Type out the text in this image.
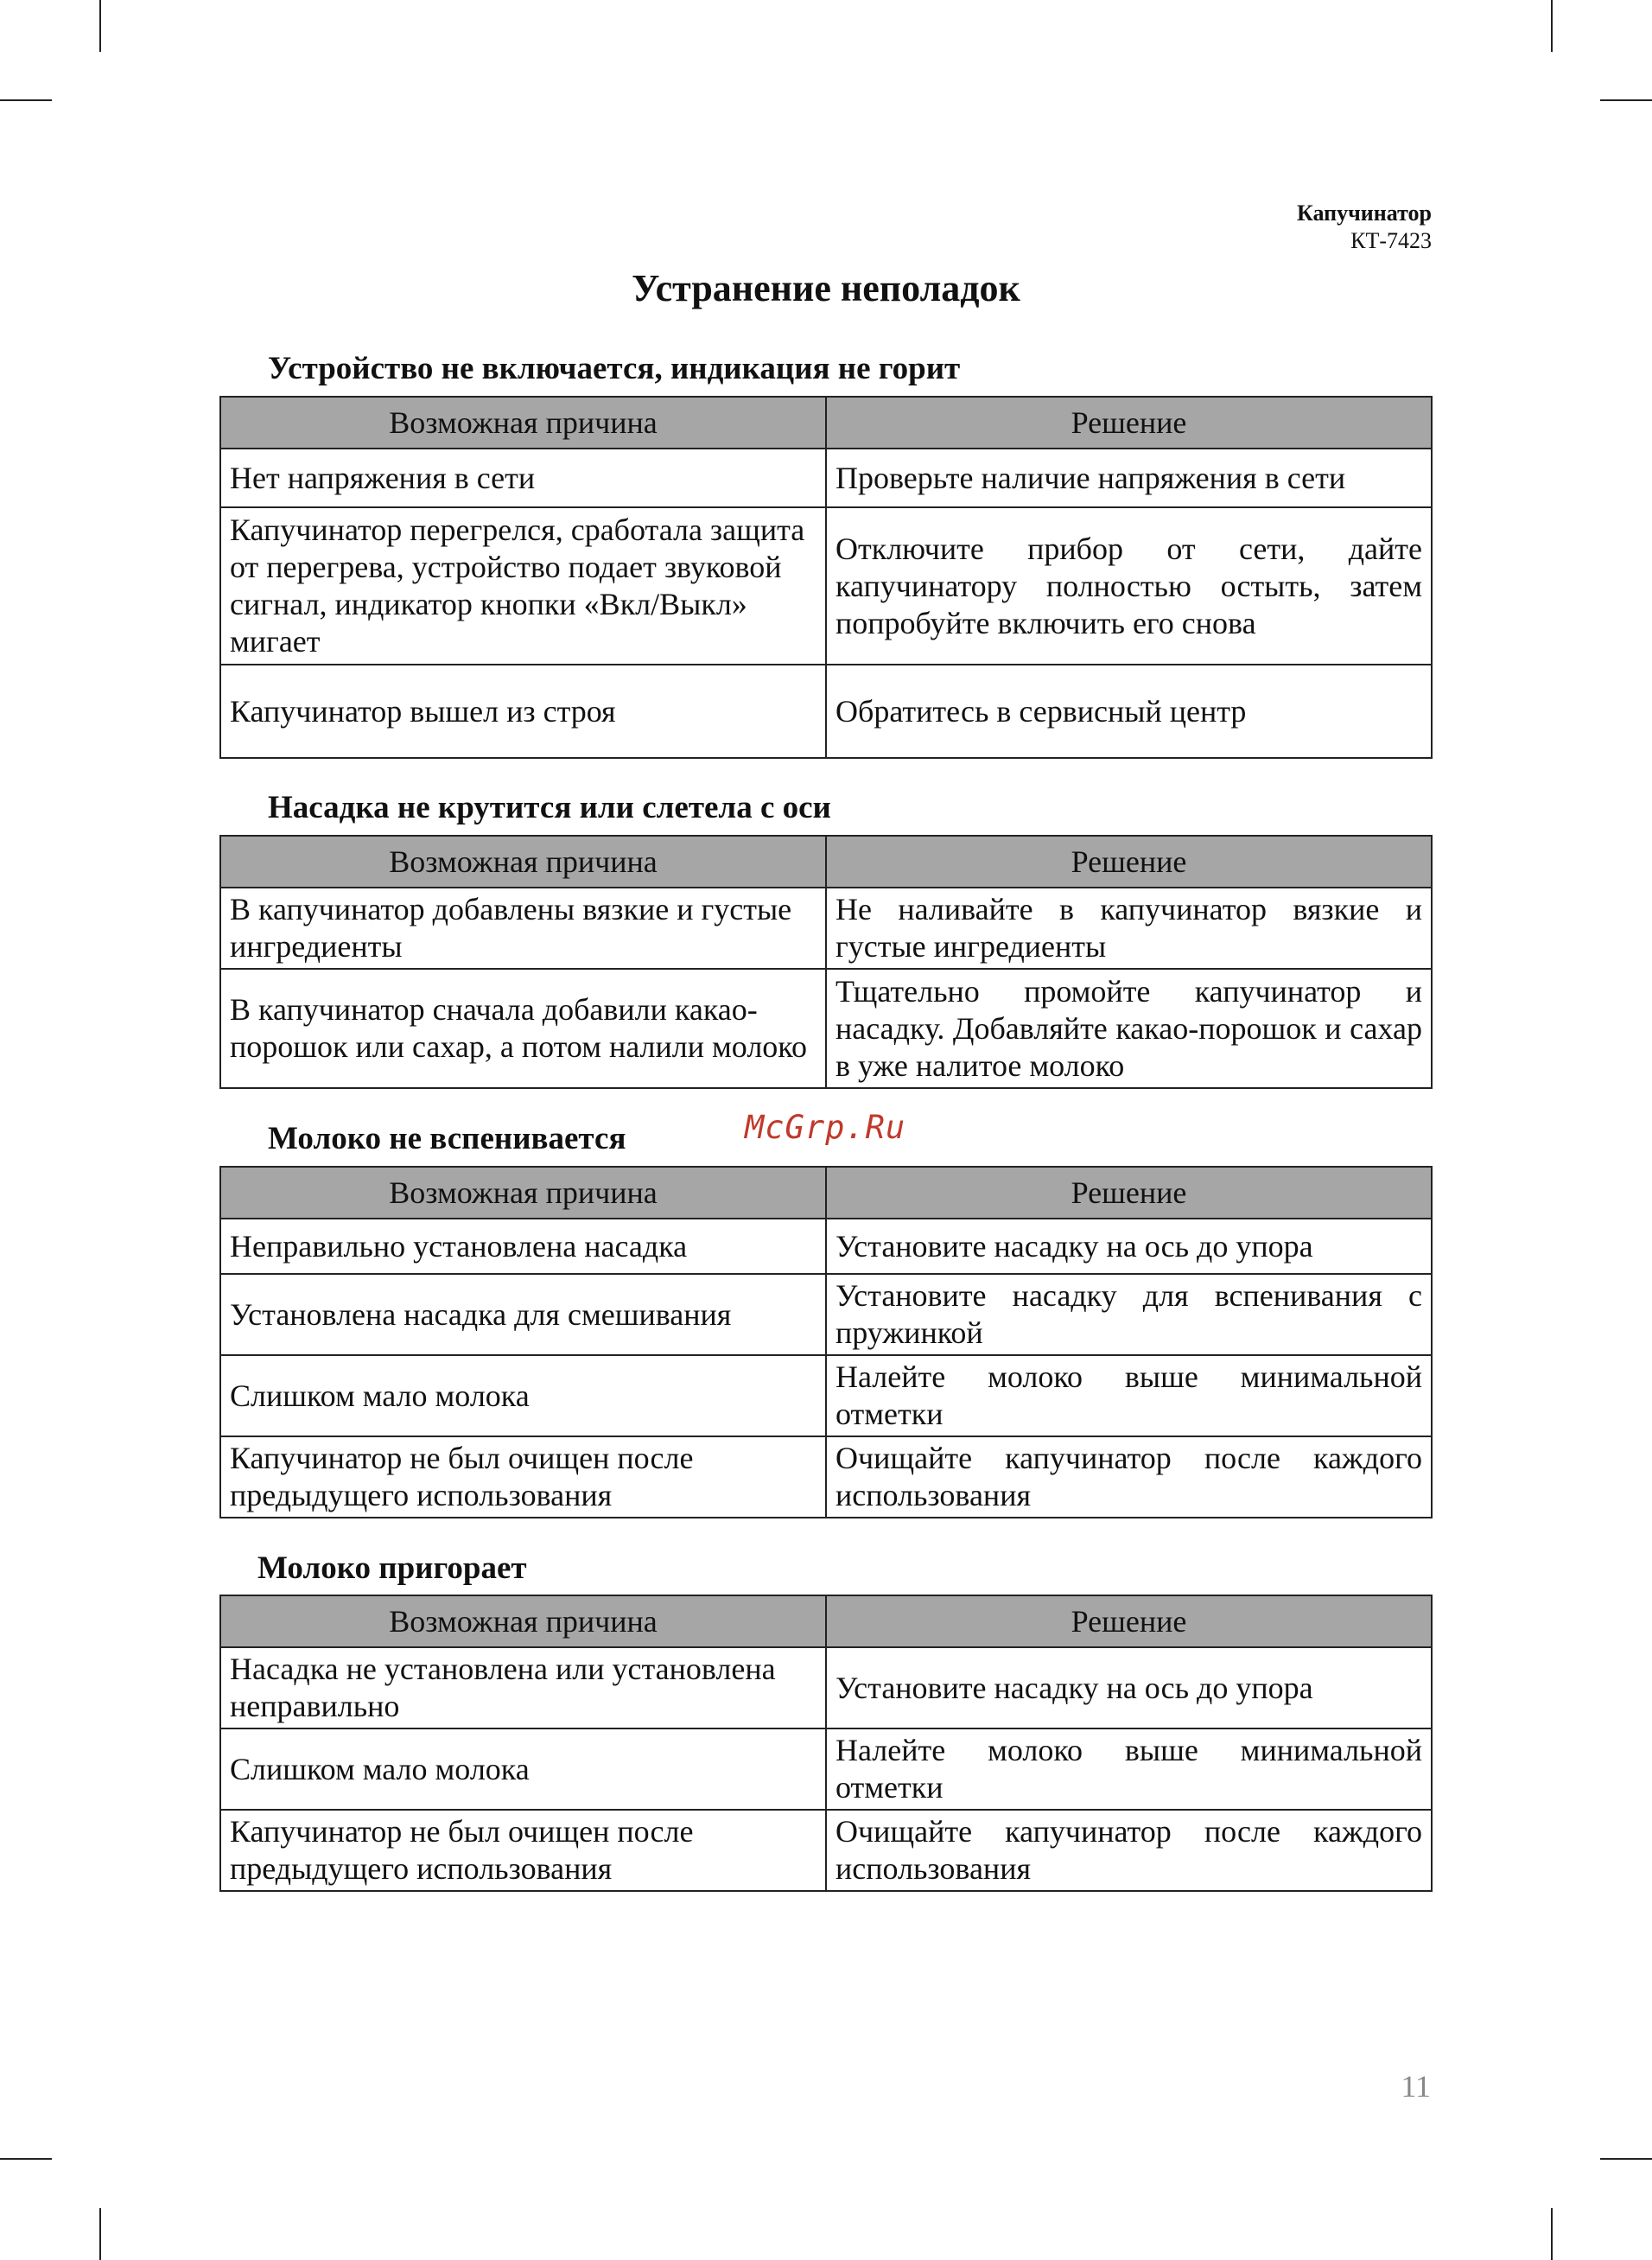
Капучинатор
КТ-7423
Устранение неполадок
Устройство не включается, индикация не горит
Возможная причина	Решение
Нет напряжения в сети	Проверьте наличие напряжения в сети
Капучинатор перегрелся, сработала защита от перегрева, устройство подает звуковой сигнал, индикатор кнопки «Вкл/Выкл» мигает	Отключите прибор от сети, дайте капучинатору полностью остыть, затем попробуйте включить его снова
Капучинатор вышел из строя	Обратитесь в сервисный центр
Насадка не крутится или слетела с оси
Возможная причина	Решение
В капучинатор добавлены вязкие и густые ингредиенты	Не наливайте в капучинатор вязкие и густые ингредиенты
В капучинатор сначала добавили какао-порошок или сахар, а потом налили молоко	Тщательно промойте капучинатор и насадку. Добавляйте какао-порошок и сахар в уже налитое молоко
Молоко не вспенивается	McGrp.Ru
Возможная причина	Решение
Неправильно установлена насадка	Установите насадку на ось до упора
Установлена насадка для смешивания	Установите насадку для вспенивания с пружинкой
Слишком мало молока	Налейте молоко выше минимальной отметки
Капучинатор не был очищен после предыдущего использования	Очищайте капучинатор после каждого использования
Молоко пригорает
Возможная причина	Решение
Насадка не установлена или установлена неправильно	Установите насадку на ось до упора
Слишком мало молока	Налейте молоко выше минимальной отметки
Капучинатор не был очищен после предыдущего использования	Очищайте капучинатор после каждого использования
11
